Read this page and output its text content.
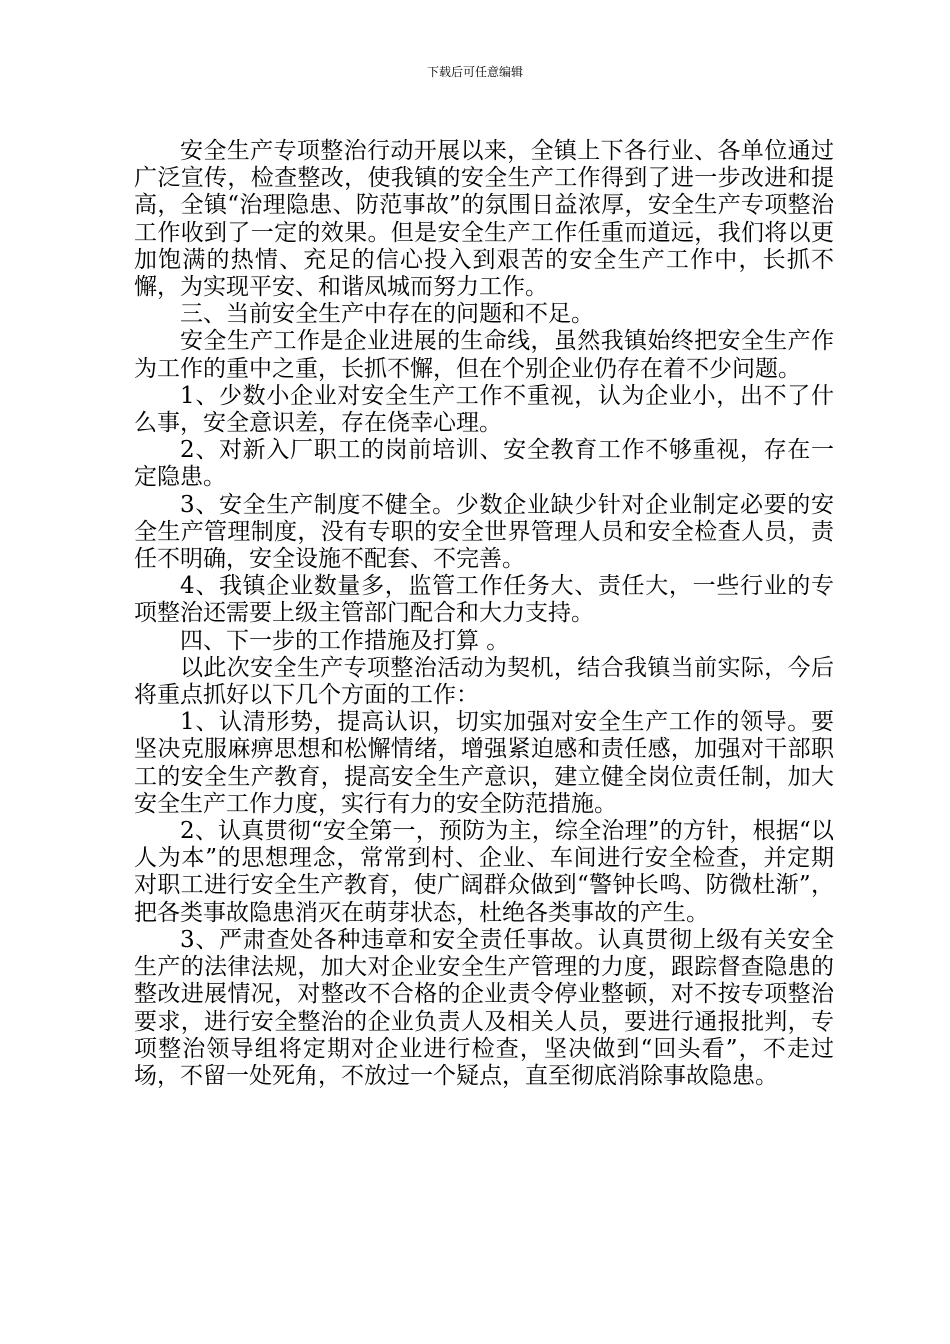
下载后可任意编辑

安全生产专项整治行动开展以来，全镇上下各行业、各单位通过广泛宣传，检查整改，使我镇的安全生产工作得到了进一步改进和提高，全镇“治理隐患、防范事故”的氛围日益浓厚，安全生产专项整治工作收到了一定的效果。但是安全生产工作任重而道远，我们将以更加饱满的热情、充足的信心投入到艰苦的安全生产工作中，长抓不懈，为实现平安、和谐凤城而努力工作。

三、当前安全生产中存在的问题和不足。

安全生产工作是企业进展的生命线，虽然我镇始终把安全生产作为工作的重中之重，长抓不懈，但在个别企业仍存在着不少问题。

1、少数小企业对安全生产工作不重视，认为企业小，出不了什么事，安全意识差，存在侥幸心理。

2、对新入厂职工的岗前培训、安全教育工作不够重视，存在一定隐患。

3、安全生产制度不健全。少数企业缺少针对企业制定必要的安全生产管理制度，没有专职的安全世界管理人员和安全检查人员，责任不明确，安全设施不配套、不完善。

4、我镇企业数量多，监管工作任务大、责任大，一些行业的专项整治还需要上级主管部门配合和大力支持。

四、下一步的工作措施及打算 。

以此次安全生产专项整治活动为契机，结合我镇当前实际，今后将重点抓好以下几个方面的工作：

1、认清形势，提高认识，切实加强对安全生产工作的领导。要坚决克服麻痹思想和松懈情绪，增强紧迫感和责任感，加强对干部职工的安全生产教育，提高安全生产意识，建立健全岗位责任制，加大安全生产工作力度，实行有力的安全防范措施。

2、认真贯彻“安全第一，预防为主，综全治理”的方针，根据“以人为本”的思想理念，常常到村、企业、车间进行安全检查，并定期对职工进行安全生产教育，使广阔群众做到“警钟长鸣、防微杜渐”，把各类事故隐患消灭在萌芽状态，杜绝各类事故的产生。

3、严肃查处各种违章和安全责任事故。认真贯彻上级有关安全生产的法律法规，加大对企业安全生产管理的力度，跟踪督查隐患的整改进展情况，对整改不合格的企业责令停业整顿，对不按专项整治要求，进行安全整治的企业负责人及相关人员，要进行通报批判，专项整治领导组将定期对企业进行检查，坚决做到“回头看”，不走过场，不留一处死角，不放过一个疑点，直至彻底消除事故隐患。
